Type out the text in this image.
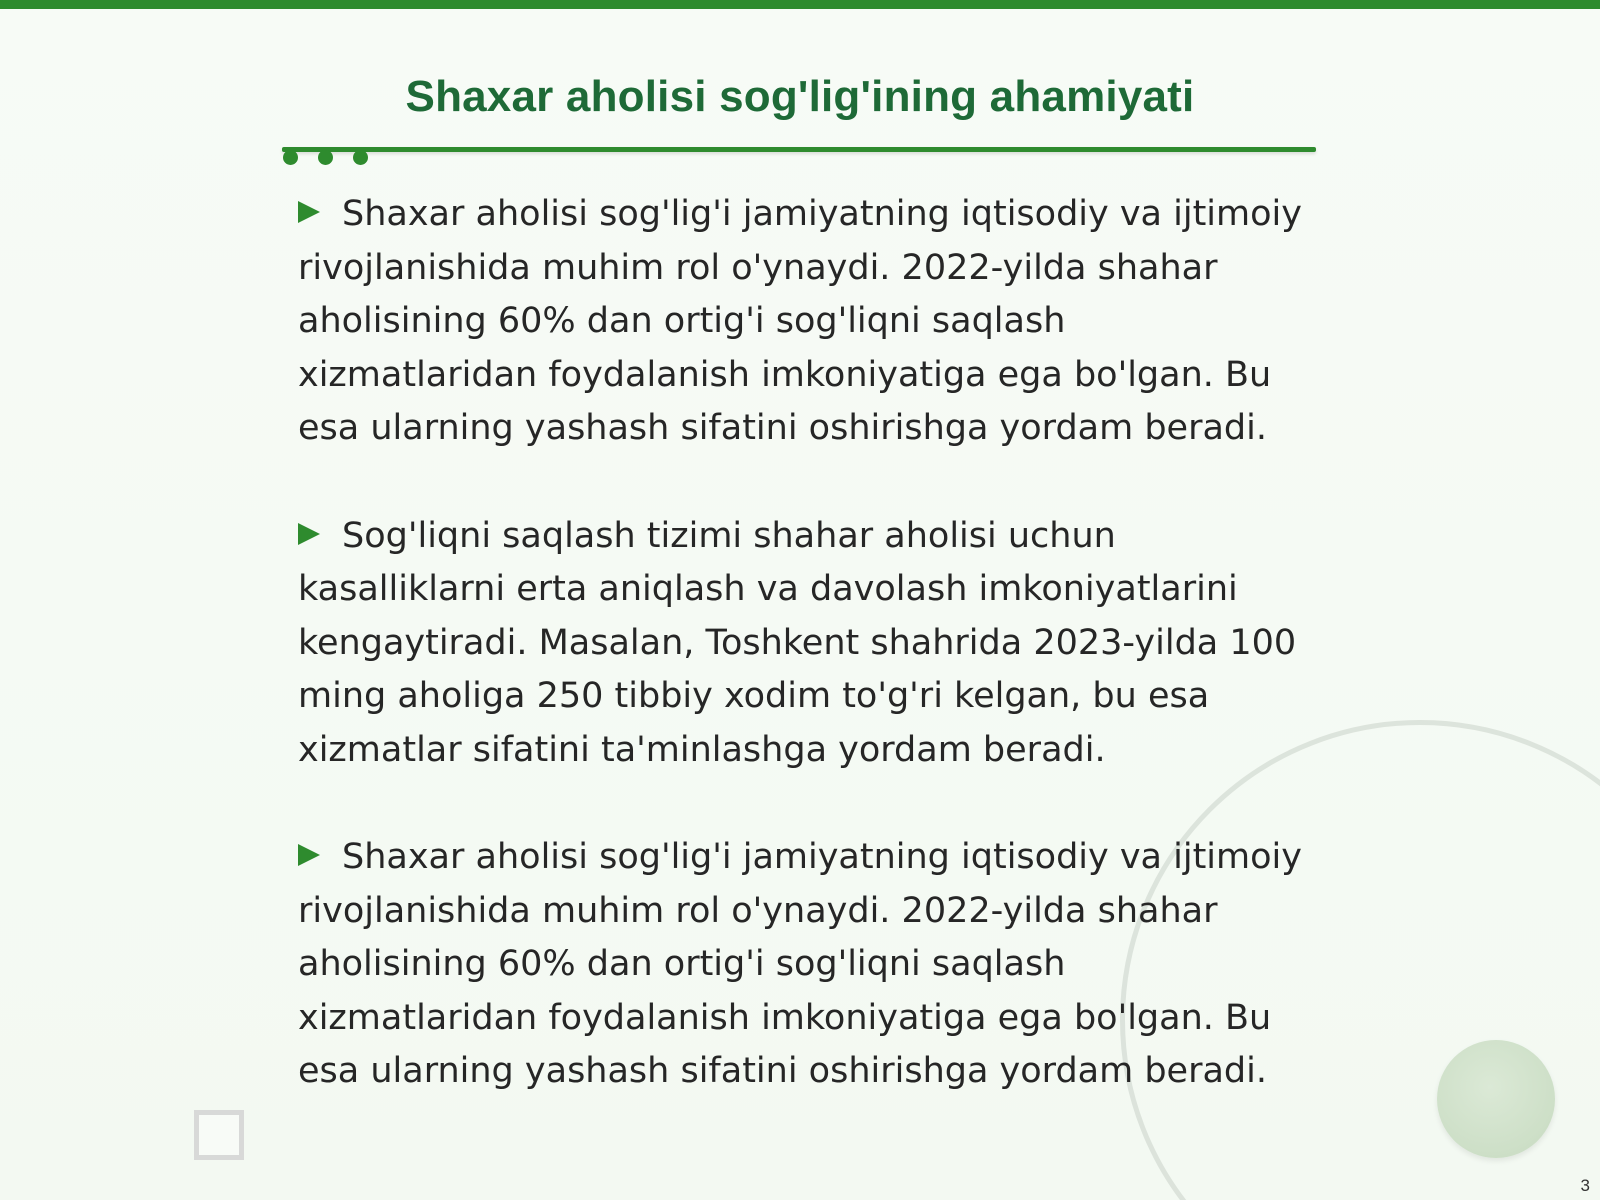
Shaxar aholisi sog'lig'ining ahamiyati

Shaxar aholisi sog'lig'i jamiyatning iqtisodiy va ijtimoiy rivojlanishida muhim rol o'ynaydi. 2022-yilda shahar aholisining 60% dan ortig'i sog'liqni saqlash xizmatlaridan foydalanish imkoniyatiga ega bo'lgan. Bu esa ularning yashash sifatini oshirishga yordam beradi.

Sog'liqni saqlash tizimi shahar aholisi uchun kasalliklarni erta aniqlash va davolash imkoniyatlarini kengaytiradi. Masalan, Toshkent shahrida 2023-yilda 100 ming aholiga 250 tibbiy xodim to'g'ri kelgan, bu esa xizmatlar sifatini ta'minlashga yordam beradi.

Shaxar aholisi sog'lig'i jamiyatning iqtisodiy va ijtimoiy rivojlanishida muhim rol o'ynaydi. 2022-yilda shahar aholisining 60% dan ortig'i sog'liqni saqlash xizmatlaridan foydalanish imkoniyatiga ega bo'lgan. Bu esa ularning yashash sifatini oshirishga yordam beradi.

3
